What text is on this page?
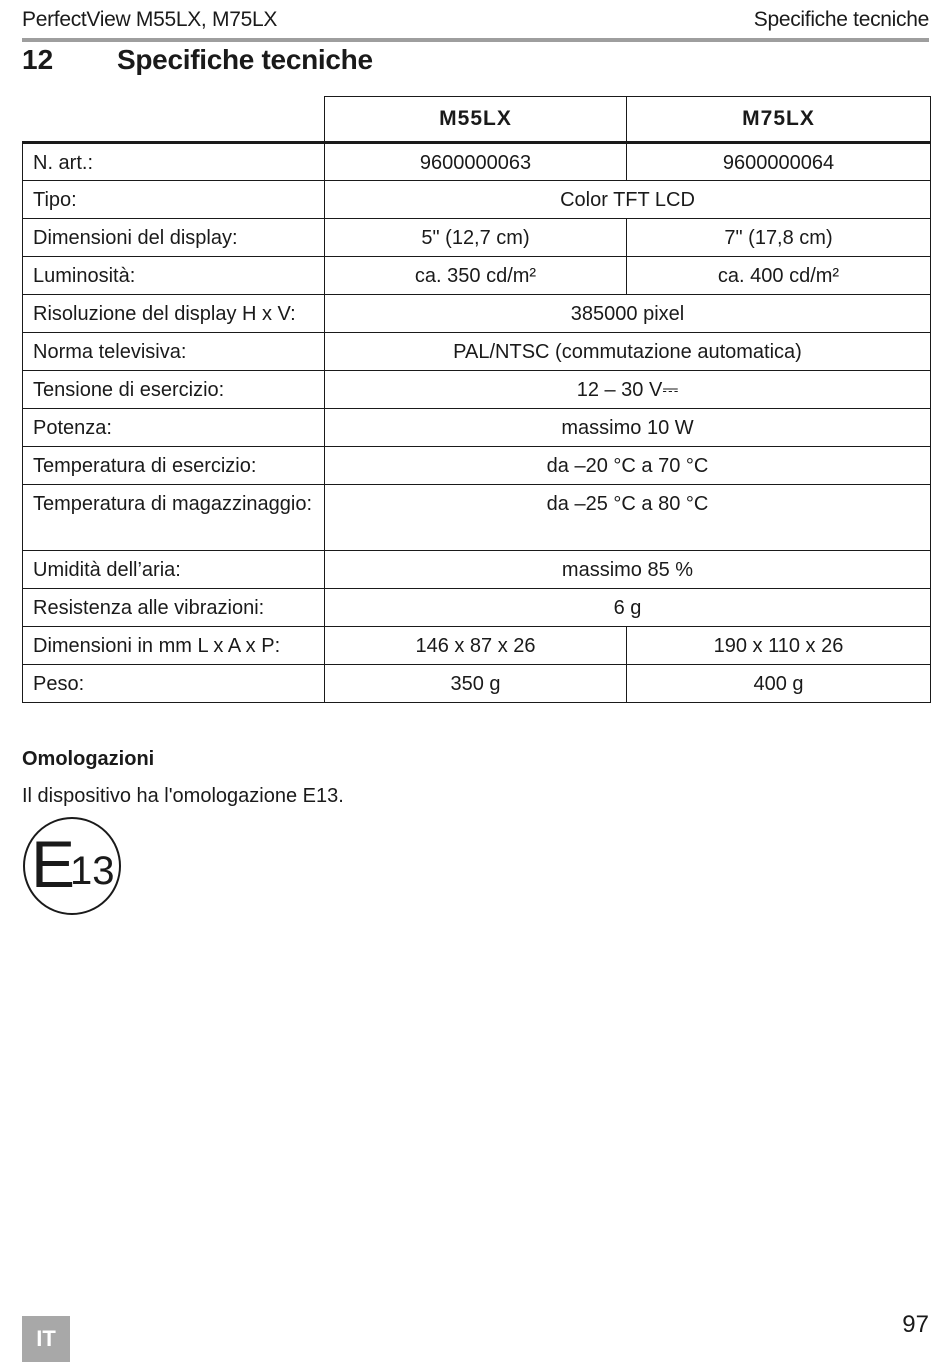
PerfectView M55LX, M75LX	Specifiche tecniche
12 Specifiche tecniche
	M55LX	M75LX
N. art.:	9600000063	9600000064
Tipo:	Color TFT LCD	
Dimensioni del display:	5" (12,7 cm)	7" (17,8 cm)
Luminosità:	ca. 350 cd/m²	ca. 400 cd/m²
Risoluzione del display H x V:	385000 pixel	
Norma televisiva:	PAL/NTSC (commutazione automatica)	
Tensione di esercizio:	12 – 30 V⎓	
Potenza:	massimo 10 W	
Temperatura di esercizio:	da –20 °C a 70 °C	
Temperatura di magazzinaggio:	da –25 °C a 80 °C	
Umidità dell’aria:	massimo 85 %	
Resistenza alle vibrazioni:	6 g	
Dimensioni in mm L x A x P:	146 x 87 x 26	190 x 110 x 26
Peso:	350 g	400 g
Omologazioni
Il dispositivo ha l'omologazione E13.
E
13
IT
97
